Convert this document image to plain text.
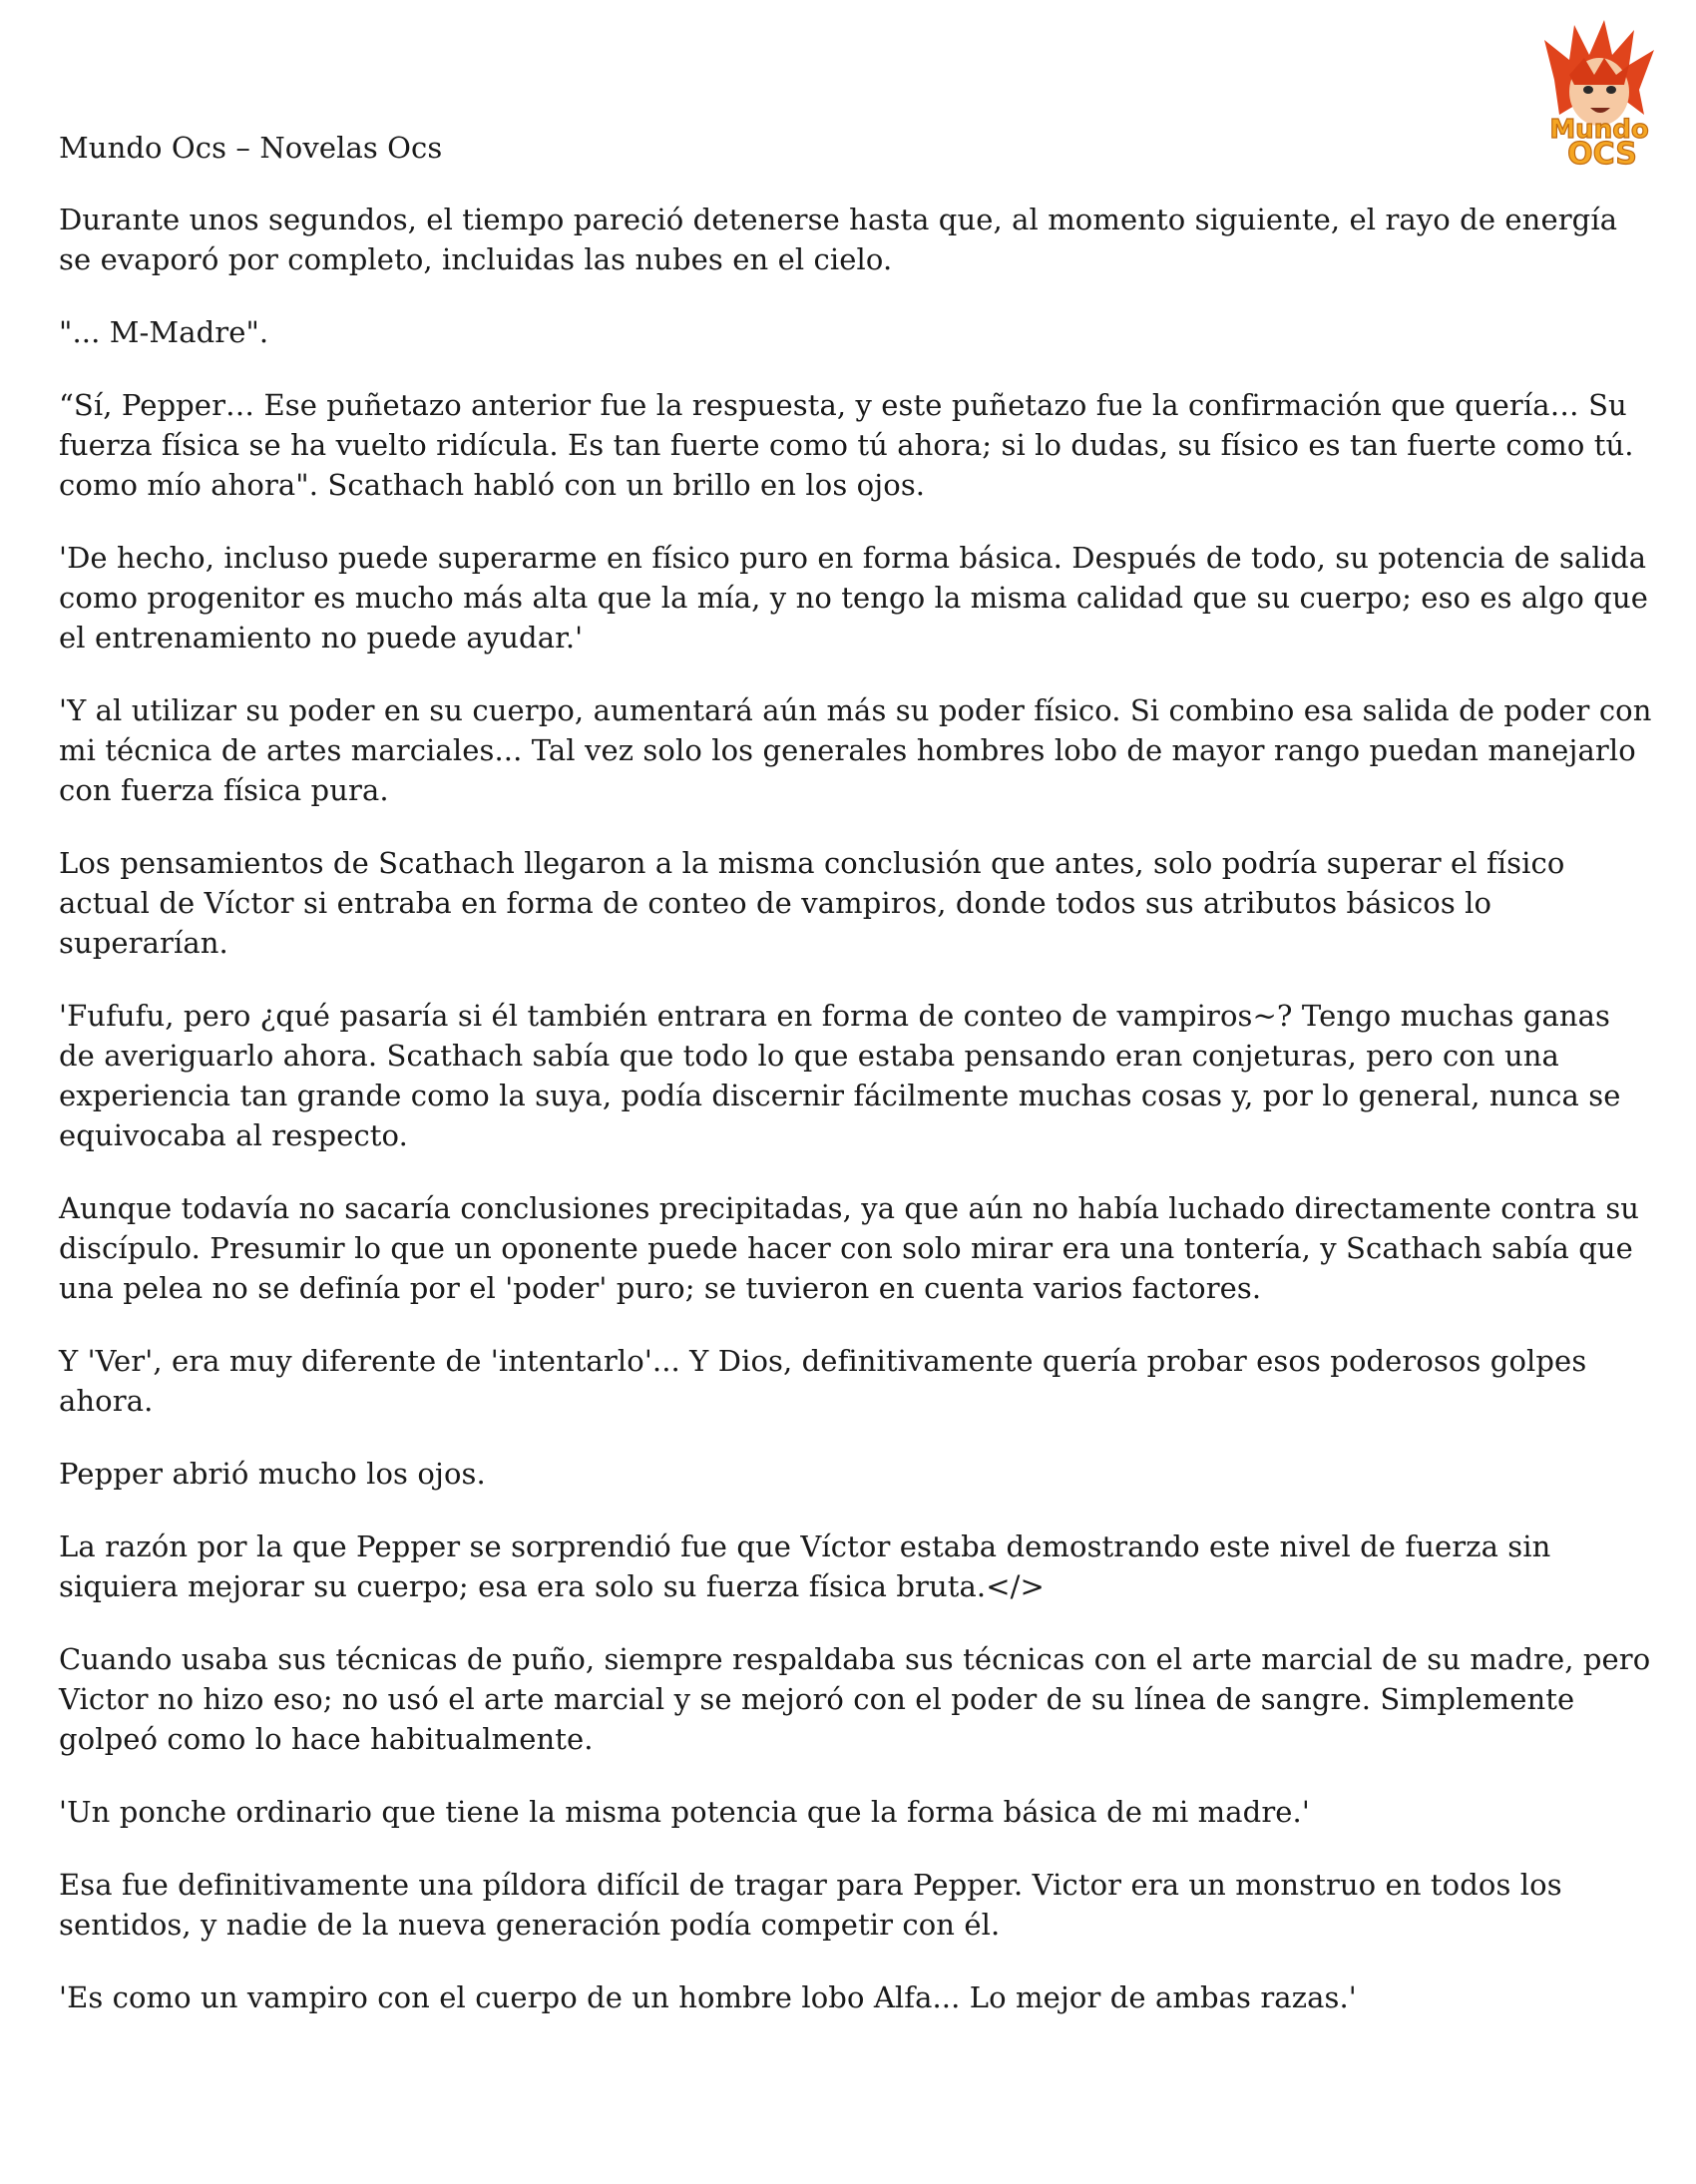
Mundo
OCS
Mundo Ocs – Novelas Ocs

Durante unos segundos, el tiempo pareció detenerse hasta que, al momento siguiente, el rayo de energía se evaporó por completo, incluidas las nubes en el cielo.

"... M-Madre".

“Sí, Pepper… Ese puñetazo anterior fue la respuesta, y este puñetazo fue la confirmación que quería… Su fuerza física se ha vuelto ridícula. Es tan fuerte como tú ahora; si lo dudas, su físico es tan fuerte como tú. como mío ahora". Scathach habló con un brillo en los ojos.

'De hecho, incluso puede superarme en físico puro en forma básica. Después de todo, su potencia de salida como progenitor es mucho más alta que la mía, y no tengo la misma calidad que su cuerpo; eso es algo que el entrenamiento no puede ayudar.'

'Y al utilizar su poder en su cuerpo, aumentará aún más su poder físico. Si combino esa salida de poder con mi técnica de artes marciales... Tal vez solo los generales hombres lobo de mayor rango puedan manejarlo con fuerza física pura.

Los pensamientos de Scathach llegaron a la misma conclusión que antes, solo podría superar el físico actual de Víctor si entraba en forma de conteo de vampiros, donde todos sus atributos básicos lo superarían.

'Fufufu, pero ¿qué pasaría si él también entrara en forma de conteo de vampiros~? Tengo muchas ganas de averiguarlo ahora. Scathach sabía que todo lo que estaba pensando eran conjeturas, pero con una experiencia tan grande como la suya, podía discernir fácilmente muchas cosas y, por lo general, nunca se equivocaba al respecto.

Aunque todavía no sacaría conclusiones precipitadas, ya que aún no había luchado directamente contra su discípulo. Presumir lo que un oponente puede hacer con solo mirar era una tontería, y Scathach sabía que una pelea no se definía por el 'poder' puro; se tuvieron en cuenta varios factores.

Y 'Ver', era muy diferente de 'intentarlo'... Y Dios, definitivamente quería probar esos poderosos golpes ahora.

Pepper abrió mucho los ojos.

La razón por la que Pepper se sorprendió fue que Víctor estaba demostrando este nivel de fuerza sin siquiera mejorar su cuerpo; esa era solo su fuerza física bruta.</>

Cuando usaba sus técnicas de puño, siempre respaldaba sus técnicas con el arte marcial de su madre, pero Victor no hizo eso; no usó el arte marcial y se mejoró con el poder de su línea de sangre. Simplemente golpeó como lo hace habitualmente.

'Un ponche ordinario que tiene la misma potencia que la forma básica de mi madre.'

Esa fue definitivamente una píldora difícil de tragar para Pepper. Victor era un monstruo en todos los sentidos, y nadie de la nueva generación podía competir con él.

'Es como un vampiro con el cuerpo de un hombre lobo Alfa... Lo mejor de ambas razas.'
